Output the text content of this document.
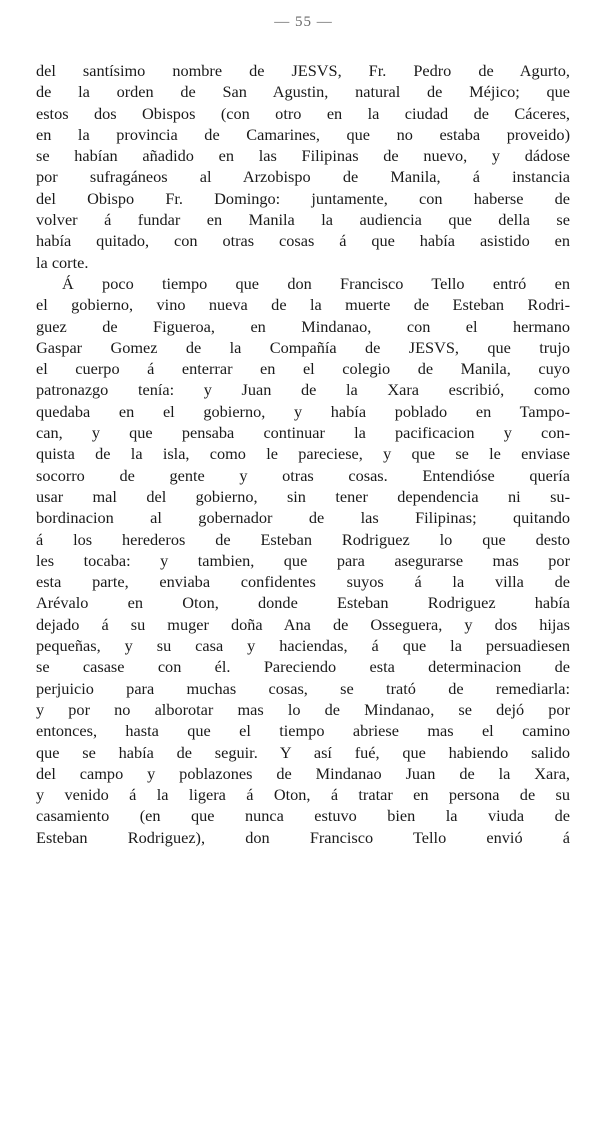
— 55 —
del santísimo nombre de JESVS, Fr. Pedro de Agurto,
de la orden de San Agustin, natural de Méjico; que
estos dos Obispos (con otro en la ciudad de Cáceres,
en la provincia de Camarines, que no estaba proveido)
se habían añadido en las Filipinas de nuevo, y dádose
por sufragáneos al Arzobispo de Manila, á instancia
del Obispo Fr. Domingo: juntamente, con haberse de
volver á fundar en Manila la audiencia que della se
había quitado, con otras cosas á que había asistido en
la corte.
Á poco tiempo que don Francisco Tello entró en
el gobierno, vino nueva de la muerte de Esteban Rodri-
guez de Figueroa, en Mindanao, con el hermano
Gaspar Gomez de la Compañía de JESVS, que trujo
el cuerpo á enterrar en el colegio de Manila, cuyo
patronazgo tenía: y Juan de la Xara escribió, como
quedaba en el gobierno, y había poblado en Tampo-
can, y que pensaba continuar la pacificacion y con-
quista de la isla, como le pareciese, y que se le enviase
socorro de gente y otras cosas. Entendióse quería
usar mal del gobierno, sin tener dependencia ni su-
bordinacion al gobernador de las Filipinas; quitando
á los herederos de Esteban Rodriguez lo que desto
les tocaba: y tambien, que para asegurarse mas por
esta parte, enviaba confidentes suyos á la villa de
Arévalo en Oton, donde Esteban Rodriguez había
dejado á su muger doña Ana de Osseguera, y dos hijas
pequeñas, y su casa y haciendas, á que la persuadiesen
se casase con él. Pareciendo esta determinacion de
perjuicio para muchas cosas, se trató de remediarla:
y por no alborotar mas lo de Mindanao, se dejó por
entonces, hasta que el tiempo abriese mas el camino
que se había de seguir. Y así fué, que habiendo salido
del campo y poblazones de Mindanao Juan de la Xara,
y venido á la ligera á Oton, á tratar en persona de su
casamiento (en que nunca estuvo bien la viuda de
Esteban Rodriguez), don Francisco Tello envió á
